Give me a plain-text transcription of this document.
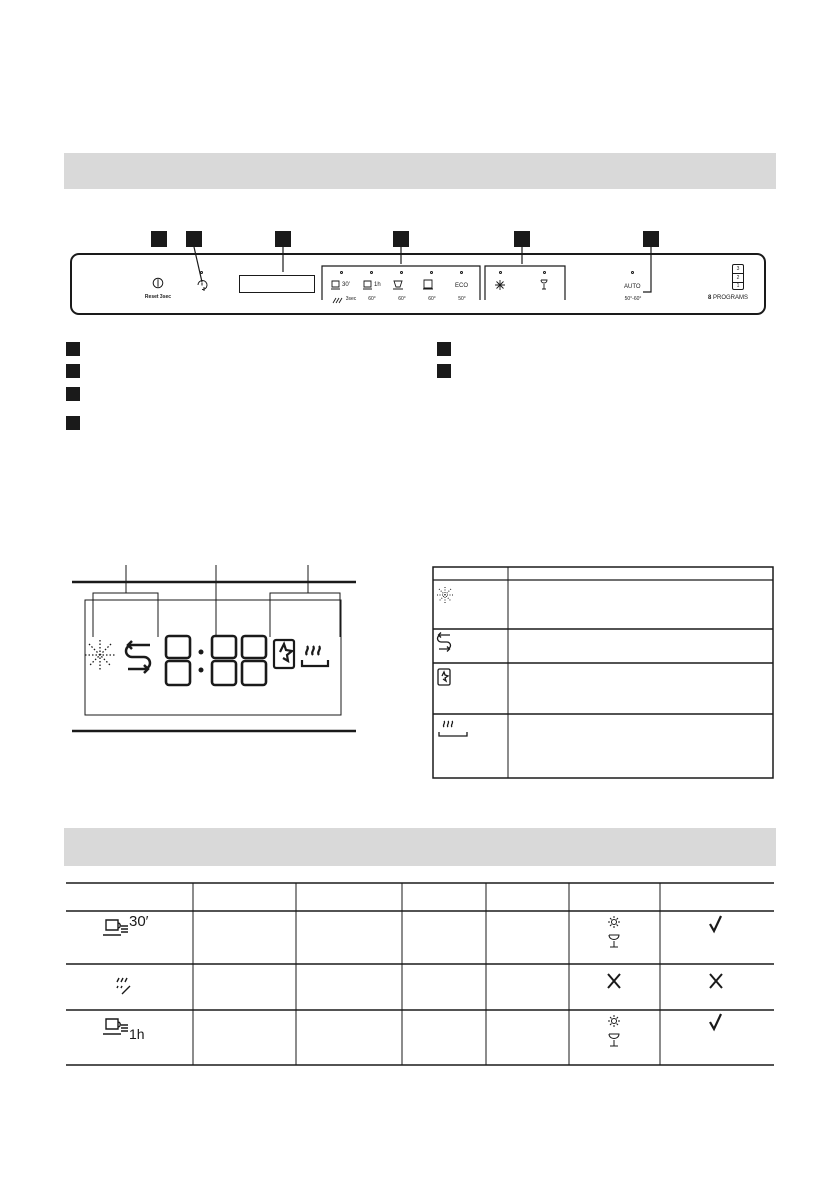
Reset 3sec
30′	1h	ECO
3sec 60°	60°	60°	50°
AUTO
50°-60°
3
2
1
8 PROGRAMS
30′
1h
